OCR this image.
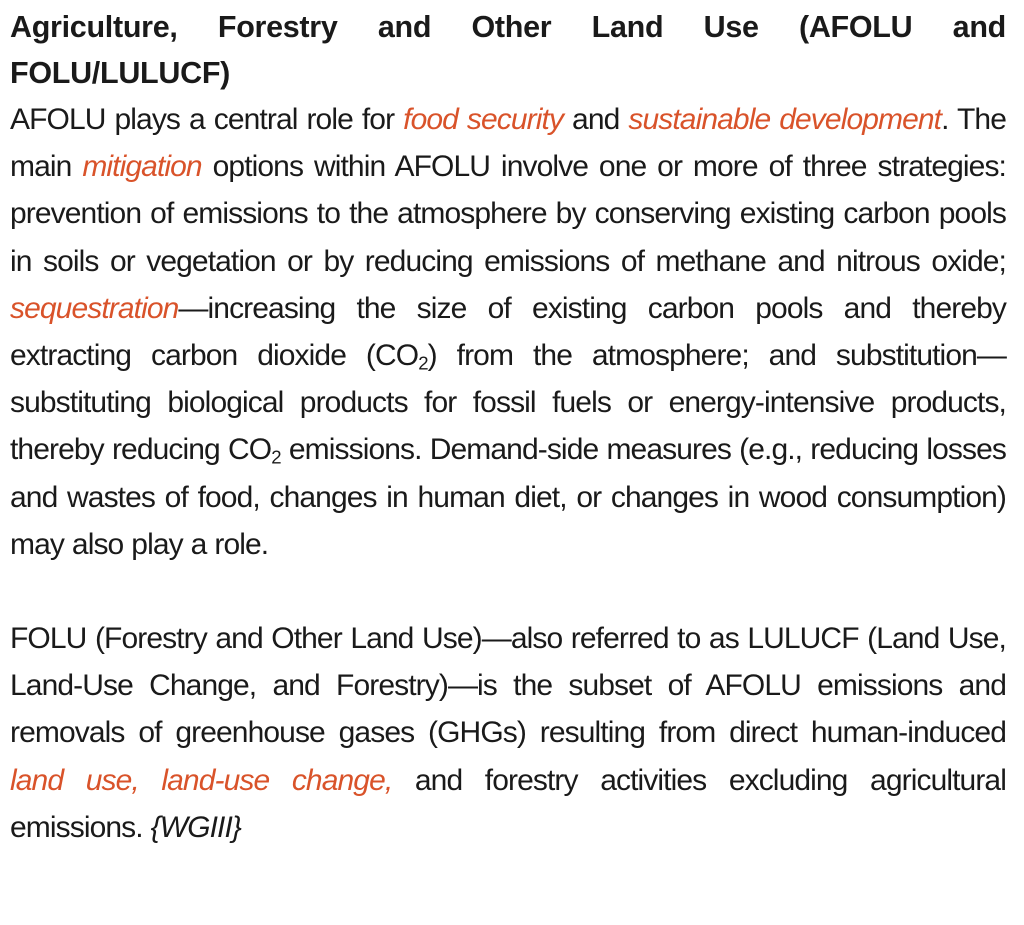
Agriculture, Forestry and Other Land Use (AFOLU and FOLU/LULUCF)

AFOLU plays a central role for food security and sustainable development. The main mitigation options within AFOLU involve one or more of three strategies: prevention of emissions to the atmosphere by conserving existing carbon pools in soils or vegetation or by reducing emissions of methane and nitrous oxide; sequestration—increasing the size of existing carbon pools and thereby extracting carbon dioxide $(CO_2)$ from the atmosphere; and substitution—substituting biological products for fossil fuels or energy-intensive products, thereby reducing $CO_2$ emissions. Demand-side measures (e.g., reducing losses and wastes of food, changes in human diet, or changes in wood consumption) may also play a role.

FOLU (Forestry and Other Land Use)—also referred to as LULUCF (Land Use, Land-Use Change, and Forestry)—is the subset of AFOLU emissions and removals of greenhouse gases (GHGs) resulting from direct human-induced land use, land-use change, and forestry activities excluding agricultural emissions. {WGIII}
